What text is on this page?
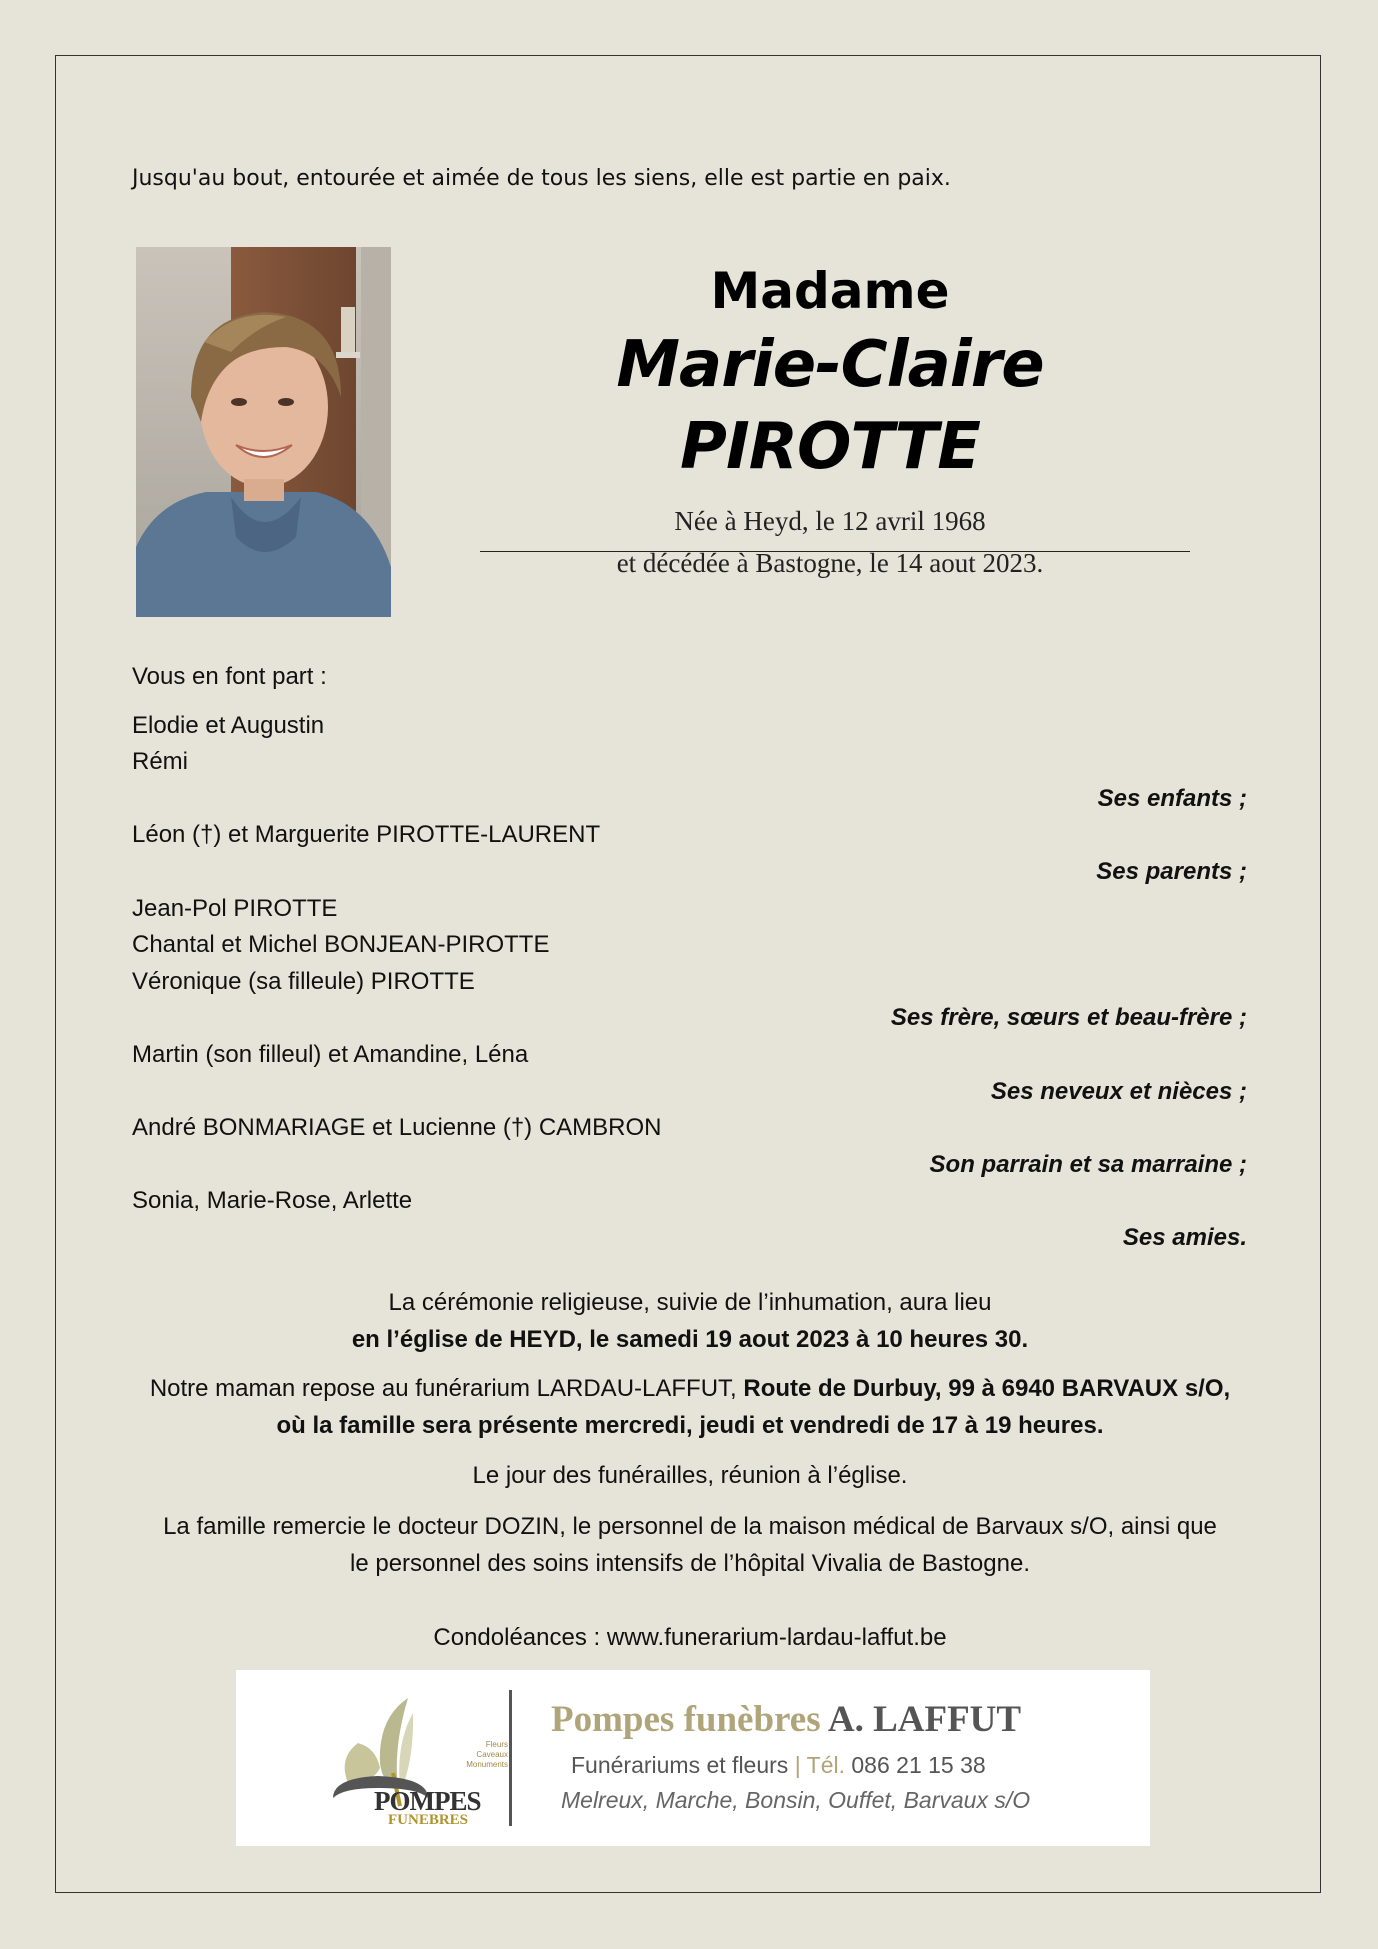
Jusqu'au bout, entourée et aimée de tous les siens, elle est partie en paix.
Madame
Marie-Claire PIROTTE
Née à Heyd, le 12 avril 1968
et décédée à Bastogne, le 14 aout 2023.
Vous en font part :
Elodie et Augustin
Rémi
Ses enfants ;
Léon (†) et Marguerite PIROTTE-LAURENT
Ses parents ;
Jean-Pol PIROTTE
Chantal et Michel BONJEAN-PIROTTE
Véronique (sa filleule) PIROTTE
Ses frère, sœurs et beau-frère ;
Martin (son filleul) et Amandine, Léna
Ses neveux et nièces ;
André BONMARIAGE et Lucienne (†) CAMBRON
Son parrain et sa marraine ;
Sonia, Marie-Rose, Arlette
Ses amies.
La cérémonie religieuse, suivie de l’inhumation, aura lieu
en l’église de HEYD, le samedi 19 aout 2023 à 10 heures 30.
Notre maman repose au funérarium LARDAU-LAFFUT, Route de Durbuy, 99 à 6940 BARVAUX s/O,
où la famille sera présente mercredi, jeudi et vendredi de 17 à 19 heures.
Le jour des funérailles, réunion à l’église.
La famille remercie le docteur DOZIN, le personnel de la maison médical de Barvaux s/O, ainsi que
le personnel des soins intensifs de l’hôpital Vivalia de Bastogne.
Condoléances : www.funerarium-lardau-laffut.be
Fleurs
Caveaux
Monuments
POMPES
FUNEBRES
Pompes funèbres A. LAFFUT
Funérariums et fleurs | Tél. 086 21 15 38
Melreux, Marche, Bonsin, Ouffet, Barvaux s/O
